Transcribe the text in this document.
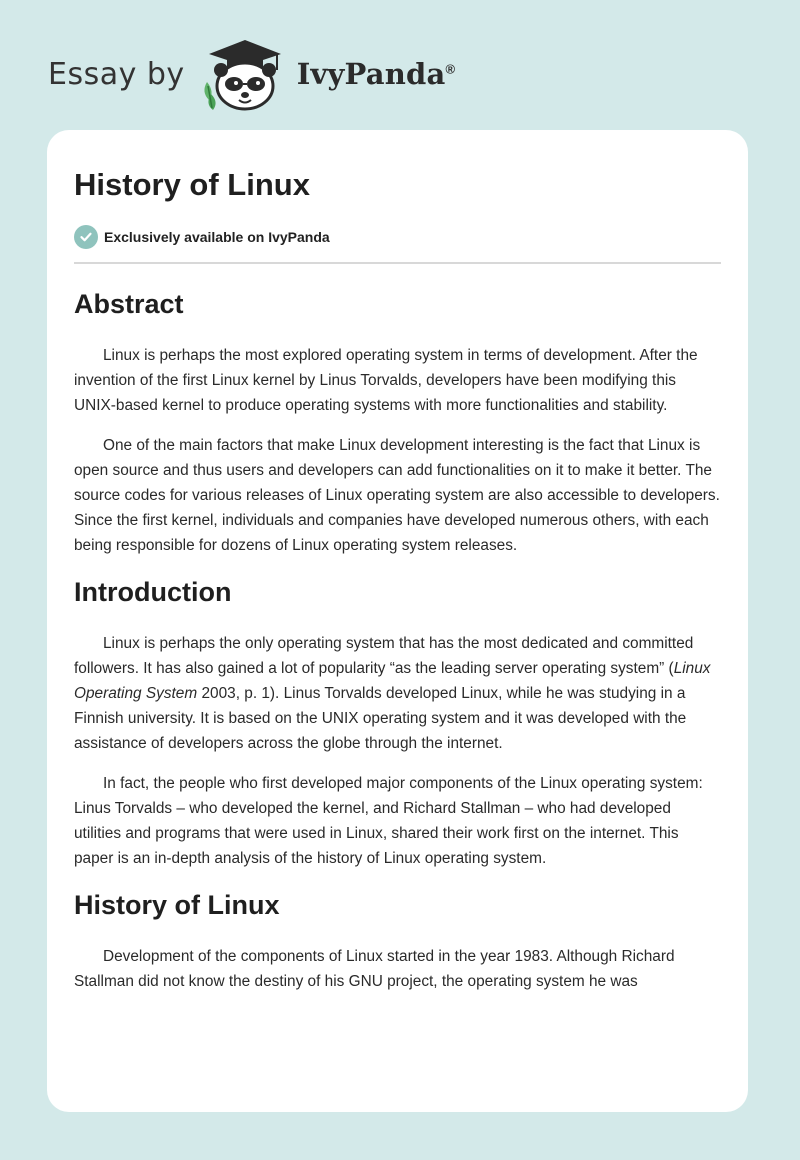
Essay by	IvyPanda®
History of Linux
Exclusively available on IvyPanda
Abstract

Linux is perhaps the most explored operating system in terms of development. After the invention of the first Linux kernel by Linus Torvalds, developers have been modifying this UNIX-based kernel to produce operating systems with more functionalities and stability.

One of the main factors that make Linux development interesting is the fact that Linux is open source and thus users and developers can add functionalities on it to make it better. The source codes for various releases of Linux operating system are also accessible to developers. Since the first kernel, individuals and companies have developed numerous others, with each being responsible for dozens of Linux operating system releases.

Introduction

Linux is perhaps the only operating system that has the most dedicated and committed followers. It has also gained a lot of popularity “as the leading server operating system” (Linux Operating System 2003, p. 1). Linus Torvalds developed Linux, while he was studying in a Finnish university. It is based on the UNIX operating system and it was developed with the assistance of developers across the globe through the internet.

In fact, the people who first developed major components of the Linux operating system: Linus Torvalds – who developed the kernel, and Richard Stallman – who had developed utilities and programs that were used in Linux, shared their work first on the internet. This paper is an in-depth analysis of the history of Linux operating system.

History of Linux

Development of the components of Linux started in the year 1983. Although Richard Stallman did not know the destiny of his GNU project, the operating system he was
